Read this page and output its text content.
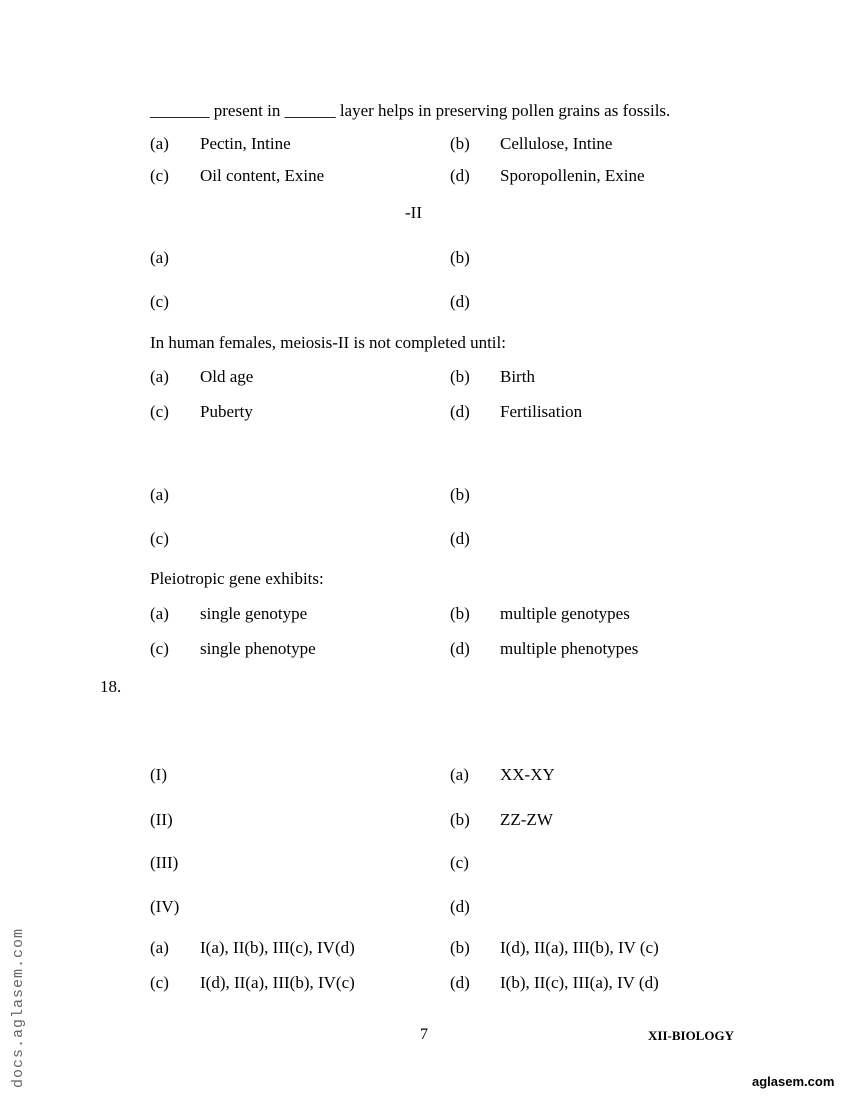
_______ present in ______ layer helps in preserving pollen grains as fossils.
(a) Pectin, Intine	(b) Cellulose, Intine
(c) Oil content, Exine	(d) Sporopollenin, Exine
-II
(a)	(b)
(c)	(d)
In human females, meiosis-II is not completed until:
(a) Old age	(b) Birth
(c) Puberty	(d) Fertilisation
(a)	(b)
(c)	(d)
Pleiotropic gene exhibits:
(a) single genotype	(b) multiple genotypes
(c) single phenotype	(d) multiple phenotypes
18.
(I)	(a) XX-XY
(II)	(b) ZZ-ZW
(III)	(c)
(IV)	(d)
(a) I(a), II(b), III(c), IV(d)	(b) I(d), II(a), III(b), IV (c)
(c) I(d), II(a), III(b), IV(c)	(d) I(b), II(c), III(a), IV (d)
7	XII-BIOLOGY
docs.aglasem.com	aglasem.com
